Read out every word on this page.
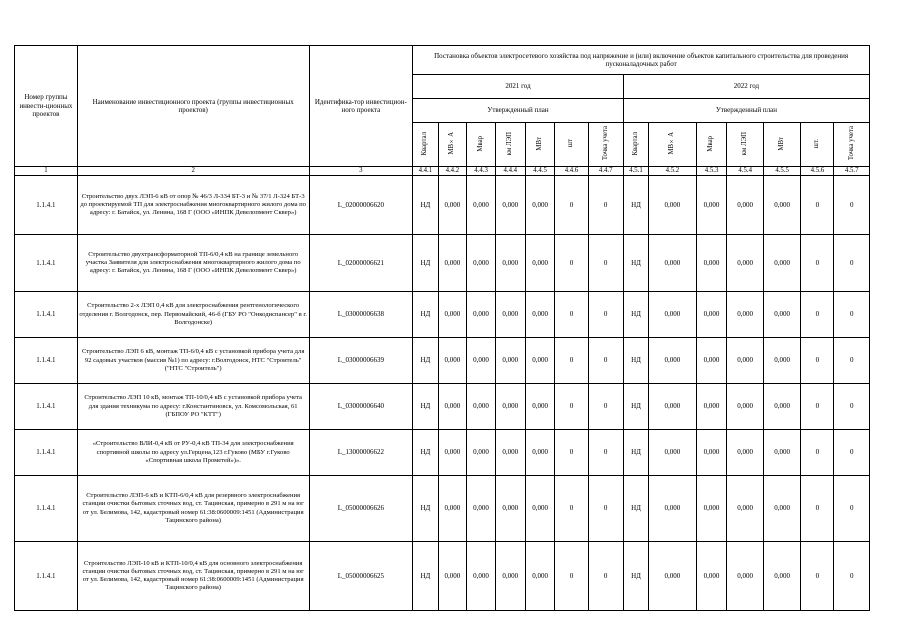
Номер группы инвести-ционных проектов	Наименование инвестиционного проекта (группы инвестиционных проектов)	Идентифика-тор инвестицион-ного проекта	Постановка объектов электросетевого хозяйства под напряжение и (или) включение объектов капитального строительства для проведения пусконаладочных работ													
			2021 год							2022 год						
			Утвержденный план							Утвержденный план						
			Квартал	МВ×А	Мвар	км ЛЭП	МВт	шт	Точка учета	Квартал	МВ×А	Мвар	км ЛЭП	МВт	шт.	Точка учета
1	2	3	4.4.1	4.4.2	4.4.3	4.4.4	4.4.5	4.4.6	4.4.7	4.5.1	4.5.2	4.5.3	4.5.4	4.5.5	4.5.6	4.5.7
1.1.4.1	Строительство двух ЛЭП-6 кВ от опор № 46/3 Л-334 БТ-3 и № 37/1 Л-324 БТ-3 до проектируемой ТП для электроснабжения многоквартирного жилого дома по адресу: г. Батайск, ул. Ленина, 168 Г (ООО «ИНПК Девелопмент Сквер»)	L_02000006620	НД	0,000	0,000	0,000	0,000	0	0	НД	0,000	0,000	0,000	0,000	0	0
1.1.4.1	Строительство двухтрансформаторной ТП-6/0,4 кВ на границе земельного участка Заявителя для электроснабжения многоквартирного жилого дома по адресу: г. Батайск, ул. Ленина, 168 Г (ООО «ИНПК Девелопмент Сквер»)	L_02000006621	НД	0,000	0,000	0,000	0,000	0	0	НД	0,000	0,000	0,000	0,000	0	0
1.1.4.1	Строительство 2-х ЛЭП 0,4 кВ для электроснабжения рентгенологического отделения г. Волгодонск, пер. Первомайский, 46-б (ГБУ РО "Онкодиспансер" в г. Волгодонске)	L_03000006638	НД	0,000	0,000	0,000	0,000	0	0	НД	0,000	0,000	0,000	0,000	0	0
1.1.4.1	Строительство ЛЭП 6 кВ, монтаж ТП-6/0,4 кВ с установкой прибора учета для 92 садовых участков (массив №1) по адресу: г.Волгодонск, НТС "Строитель" ("НТС "Строитель")	L_03000006639	НД	0,000	0,000	0,000	0,000	0	0	НД	0,000	0,000	0,000	0,000	0	0
1.1.4.1	Строительство ЛЭП 10 кВ, монтаж ТП-10/0,4 кВ с установкой прибора учета для здания техникума по адресу: г.Константиновск, ул. Комсомольская, 61 (ГБПОУ РО "КТТ")	L_03000006640	НД	0,000	0,000	0,000	0,000	0	0	НД	0,000	0,000	0,000	0,000	0	0
1.1.4.1	«Строительство ВЛИ-0,4 кВ от РУ-0,4 кВ ТП-34 для электроснабжения спортивной школы по адресу ул.Герцена,123 г.Гуково (МБУ г.Гуково «Спортивная школа Прометей»)».	L_13000006622	НД	0,000	0,000	0,000	0,000	0	0	НД	0,000	0,000	0,000	0,000	0	0
1.1.4.1	Строительство ЛЭП-6 кВ и КТП-6/0,4 кВ для резервного электроснабжения станции очистки бытовых сточных вод, ст. Тацинская, примерно в 291 м на юг от ул. Белимова, 142, кадастровый номер 61:38:0600009:1451 (Администрация Тацинского района)	L_05000006626	НД	0,000	0,000	0,000	0,000	0	0	НД	0,000	0,000	0,000	0,000	0	0
1.1.4.1	Строительство ЛЭП-10 кВ и КТП-10/0,4 кВ для основного электроснабжения станции очистки бытовых сточных вод, ст. Тацинская, примерно в 291 м на юг от ул. Белимова, 142, кадастровый номер 61:38:0600009:1451 (Администрация Тацинского района)	L_05000006625	НД	0,000	0,000	0,000	0,000	0	0	НД	0,000	0,000	0,000	0,000	0	0
